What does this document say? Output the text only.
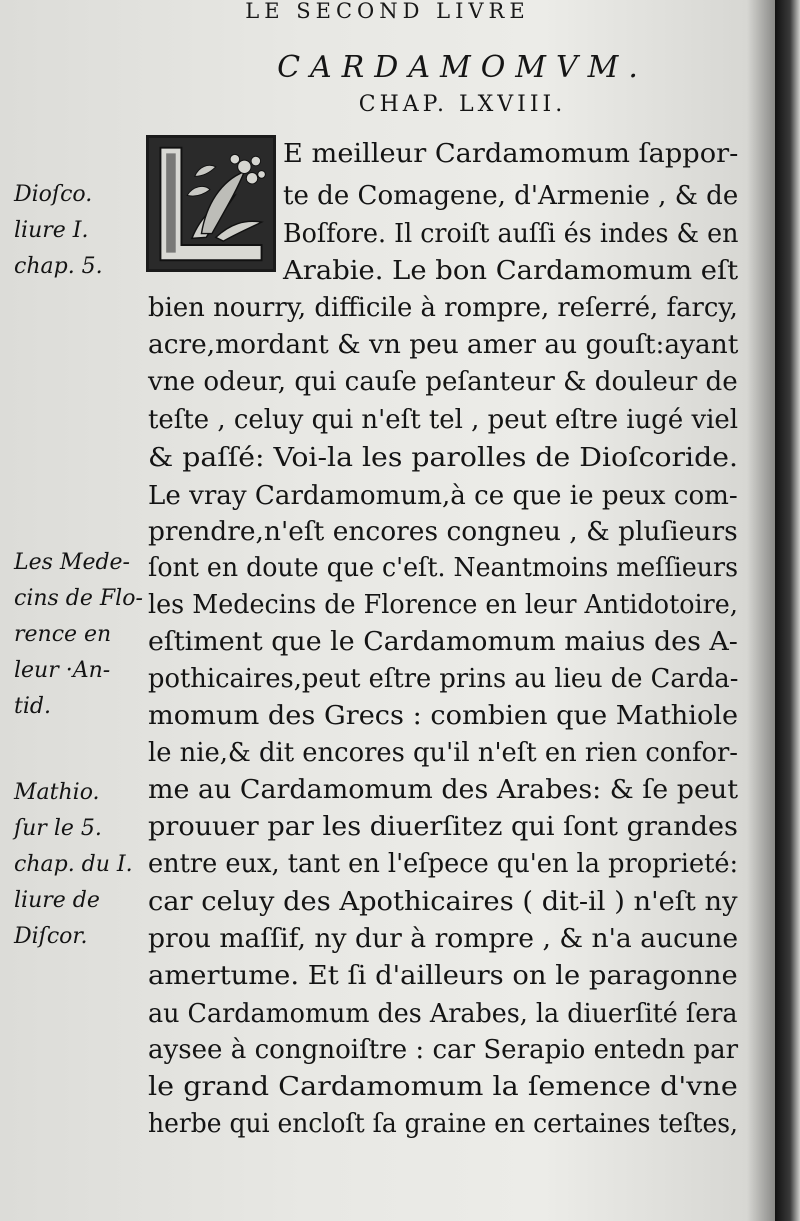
LE SECOND LIVRE
CARDAMOMVM.
CHAP. LXVIII.
E meilleur Cardamomum ſappor-
te de Comagene, d'Armenie , & de
Boſfore. Il croiſt auſſi és indes & en
Arabie. Le bon Cardamomum eſt
bien nourry, difficile à rompre, reſerré, farcy,
acre,mordant & vn peu amer au gouſt:ayant
vne odeur, qui cauſe peſanteur & douleur de
teſte , celuy qui n'eſt tel , peut eſtre iugé viel
& paſſé: Voi-la les parolles de Dioſcoride.
Le vray Cardamomum,à ce que ie peux com-
prendre,n'eſt encores congneu , & pluſieurs
ſont en doute que c'eſt. Neantmoins meſſieurs
les Medecins de Florence en leur Antidotoire,
eſtiment que le Cardamomum maius des A-
pothicaires,peut eſtre prins au lieu de Carda-
momum des Grecs : combien que Mathiole
le nie,& dit encores qu'il n'eſt en rien confor-
me au Cardamomum des Arabes: & ſe peut
prouuer par les diuerſitez qui ſont grandes
entre eux, tant en l'eſpece qu'en la proprieté:
car celuy des Apothicaires ( dit-il ) n'eſt ny
prou maſſif, ny dur à rompre , & n'a aucune
amertume. Et ſi d'ailleurs on le paragonne
au Cardamomum des Arabes, la diuerſité ſera
aysee à congnoiſtre : car Serapio entedn par
le grand Cardamomum la ſemence d'vne
herbe qui encloſt ſa graine en certaines teſtes,
Dioſco.
liure I.
chap. 5.
Les Mede-
cins de Flo-
rence en
leur ·An-
tid.
Mathio.
ſur le 5.
chap. du I.
liure de
Diſcor.
